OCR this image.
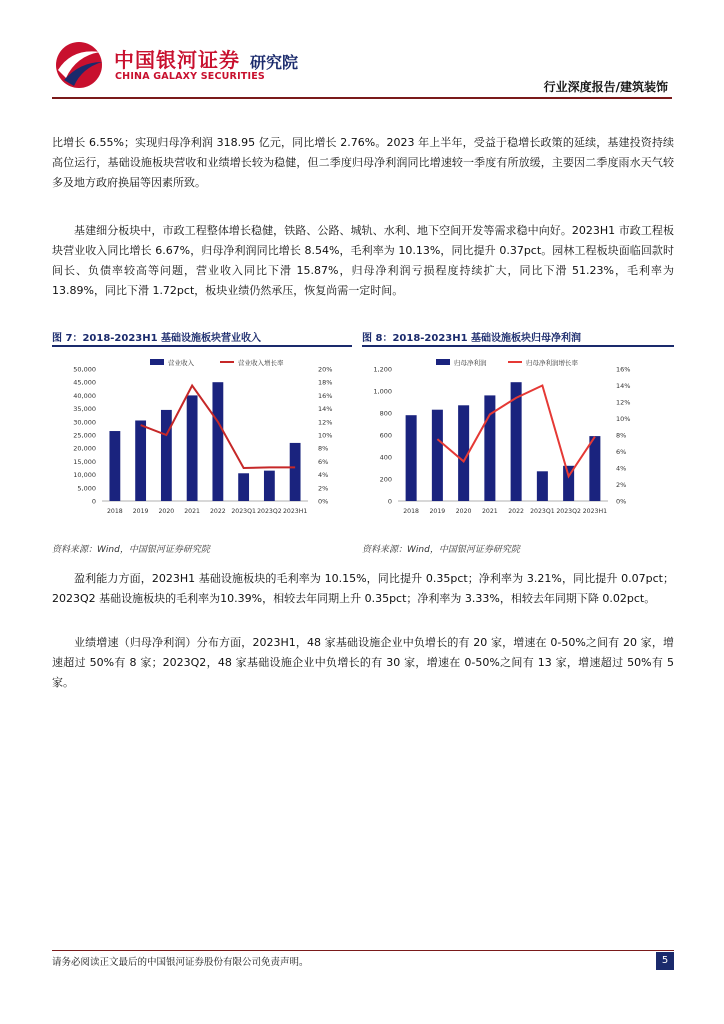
中国银河证券
CHINA GALAXY SECURITIES
研究院
行业深度报告/建筑装饰

比增长 6.55%；实现归母净利润 318.95 亿元，同比增长 2.76%。2023 年上半年，受益于稳增长政策的延续，基建投资持续高位运行，基础设施板块营收和业绩增长较为稳健，但二季度归母净利润同比增速较一季度有所放缓，主要因二季度雨水天气较多及地方政府换届等因素所致。

基建细分板块中，市政工程整体增长稳健，铁路、公路、城轨、水利、地下空间开发等需求稳中向好。2023H1 市政工程板块营业收入同比增长 6.67%，归母净利润同比增长 8.54%，毛利率为 10.13%，同比提升 0.37pct。园林工程板块面临回款时间长、负债率较高等问题，营业收入同比下滑 15.87%，归母净利润亏损程度持续扩大，同比下滑 51.23%，毛利率为 13.89%，同比下滑 1.72pct，板块业绩仍然承压，恢复尚需一定时间。

盈利能力方面，2023H1 基础设施板块的毛利率为 10.15%，同比提升 0.35pct；净利率为 3.21%，同比提升 0.07pct；2023Q2 基础设施板块的毛利率为10.39%，相较去年同期上升 0.35pct；净利率为 3.33%，相较去年同期下降 0.02pct。

业绩增速（归母净利润）分布方面，2023H1，48 家基础设施企业中负增长的有 20 家，增速在 0-50%之间有 20 家，增速超过 50%有 8 家；2023Q2，48 家基础设施企业中负增长的有 30 家，增速在 0-50%之间有 13 家，增速超过 50%有 5 家。

图 7：2018-2023H1 基础设施板块营业收入
0
5,000
10,000
15,000
20,000
25,000
30,000
35,000
40,000
45,000
50,000
0%
2%
4%
6%
8%
10%
12%
14%
16%
18%
20%
2018 2019 2020 2021 2022 2023Q1 2023Q2 2023H1
营业收入	营业收入增长率
资料来源：Wind，中国银河证券研究院
图 8：2018-2023H1 基础设施板块归母净利润
0
200
400
600
800
1,000
1,200
0%
2%
4%
6%
8%
10%
12%
14%
16%
2018 2019 2020 2021 2022 2023Q1 2023Q2 2023H1
归母净利润	归母净利润增长率
资料来源：Wind，中国银河证券研究院
请务必阅读正文最后的中国银河证券股份有限公司免责声明。	5
